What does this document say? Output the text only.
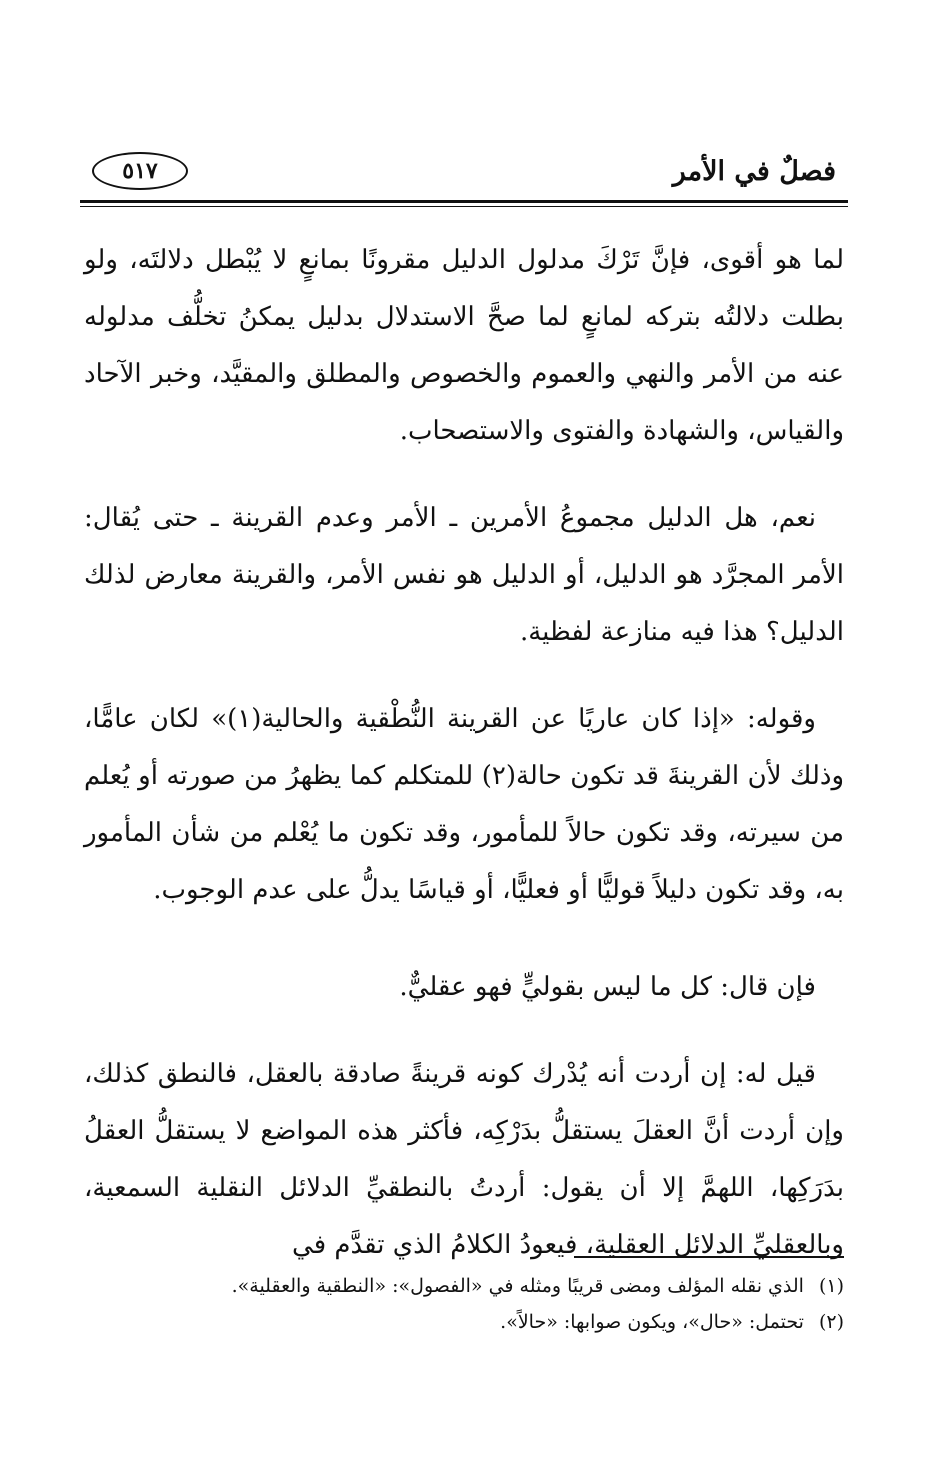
فصلٌ في الأمر
٥١٧

لما هو أقوى، فإنَّ تَرْكَ مدلول الدليل مقرونًا بمانعٍ لا يُبْطل دلالتَه، ولو بطلت دلالتُه بتركه لمانعٍ لما صحَّ الاستدلال بدليل يمكنُ تخلُّف مدلوله عنه من الأمر والنهي والعموم والخصوص والمطلق والمقيَّد، وخبر الآحاد والقياس، والشهادة والفتوى والاستصحاب.

نعم، هل الدليل مجموعُ الأمرين ـ الأمر وعدم القرينة ـ حتى يُقال: الأمر المجرَّد هو الدليل، أو الدليل هو نفس الأمر، والقرينة معارض لذلك الدليل؟ هذا فيه منازعة لفظية.

وقوله: «إذا كان عاريًا عن القرينة النُّطْقية والحالية(١)» لكان عامًّا، وذلك لأن القرينةَ قد تكون حالة(٢) للمتكلم كما يظهرُ من صورته أو يُعلم من سيرته، وقد تكون حالاً للمأمور، وقد تكون ما يُعْلم من شأن المأمور به، وقد تكون دليلاً قوليًّا أو فعليًّا، أو قياسًا يدلُّ على عدم الوجوب.

فإن قال: كل ما ليس بقوليٍّ فهو عقليٌّ.

قيل له: إن أردت أنه يُدْرك كونه قرينةً صادقة بالعقل، فالنطق كذلك، وإن أردت أنَّ العقلَ يستقلُّ بدَرْكِه، فأكثر هذه المواضع لا يستقلُّ العقلُ بدَرَكِها، اللهمَّ إلا أن يقول: أردتُ بالنطقيِّ الدلائل النقلية السمعية، وبالعقليِّ الدلائل العقلية، فيعودُ الكلامُ الذي تقدَّم في

(١) الذي نقله المؤلف ومضى قريبًا ومثله في «الفصول»: «النطقية والعقلية».

(٢) تحتمل: «حال»، ويكون صوابها: «حالاً».
